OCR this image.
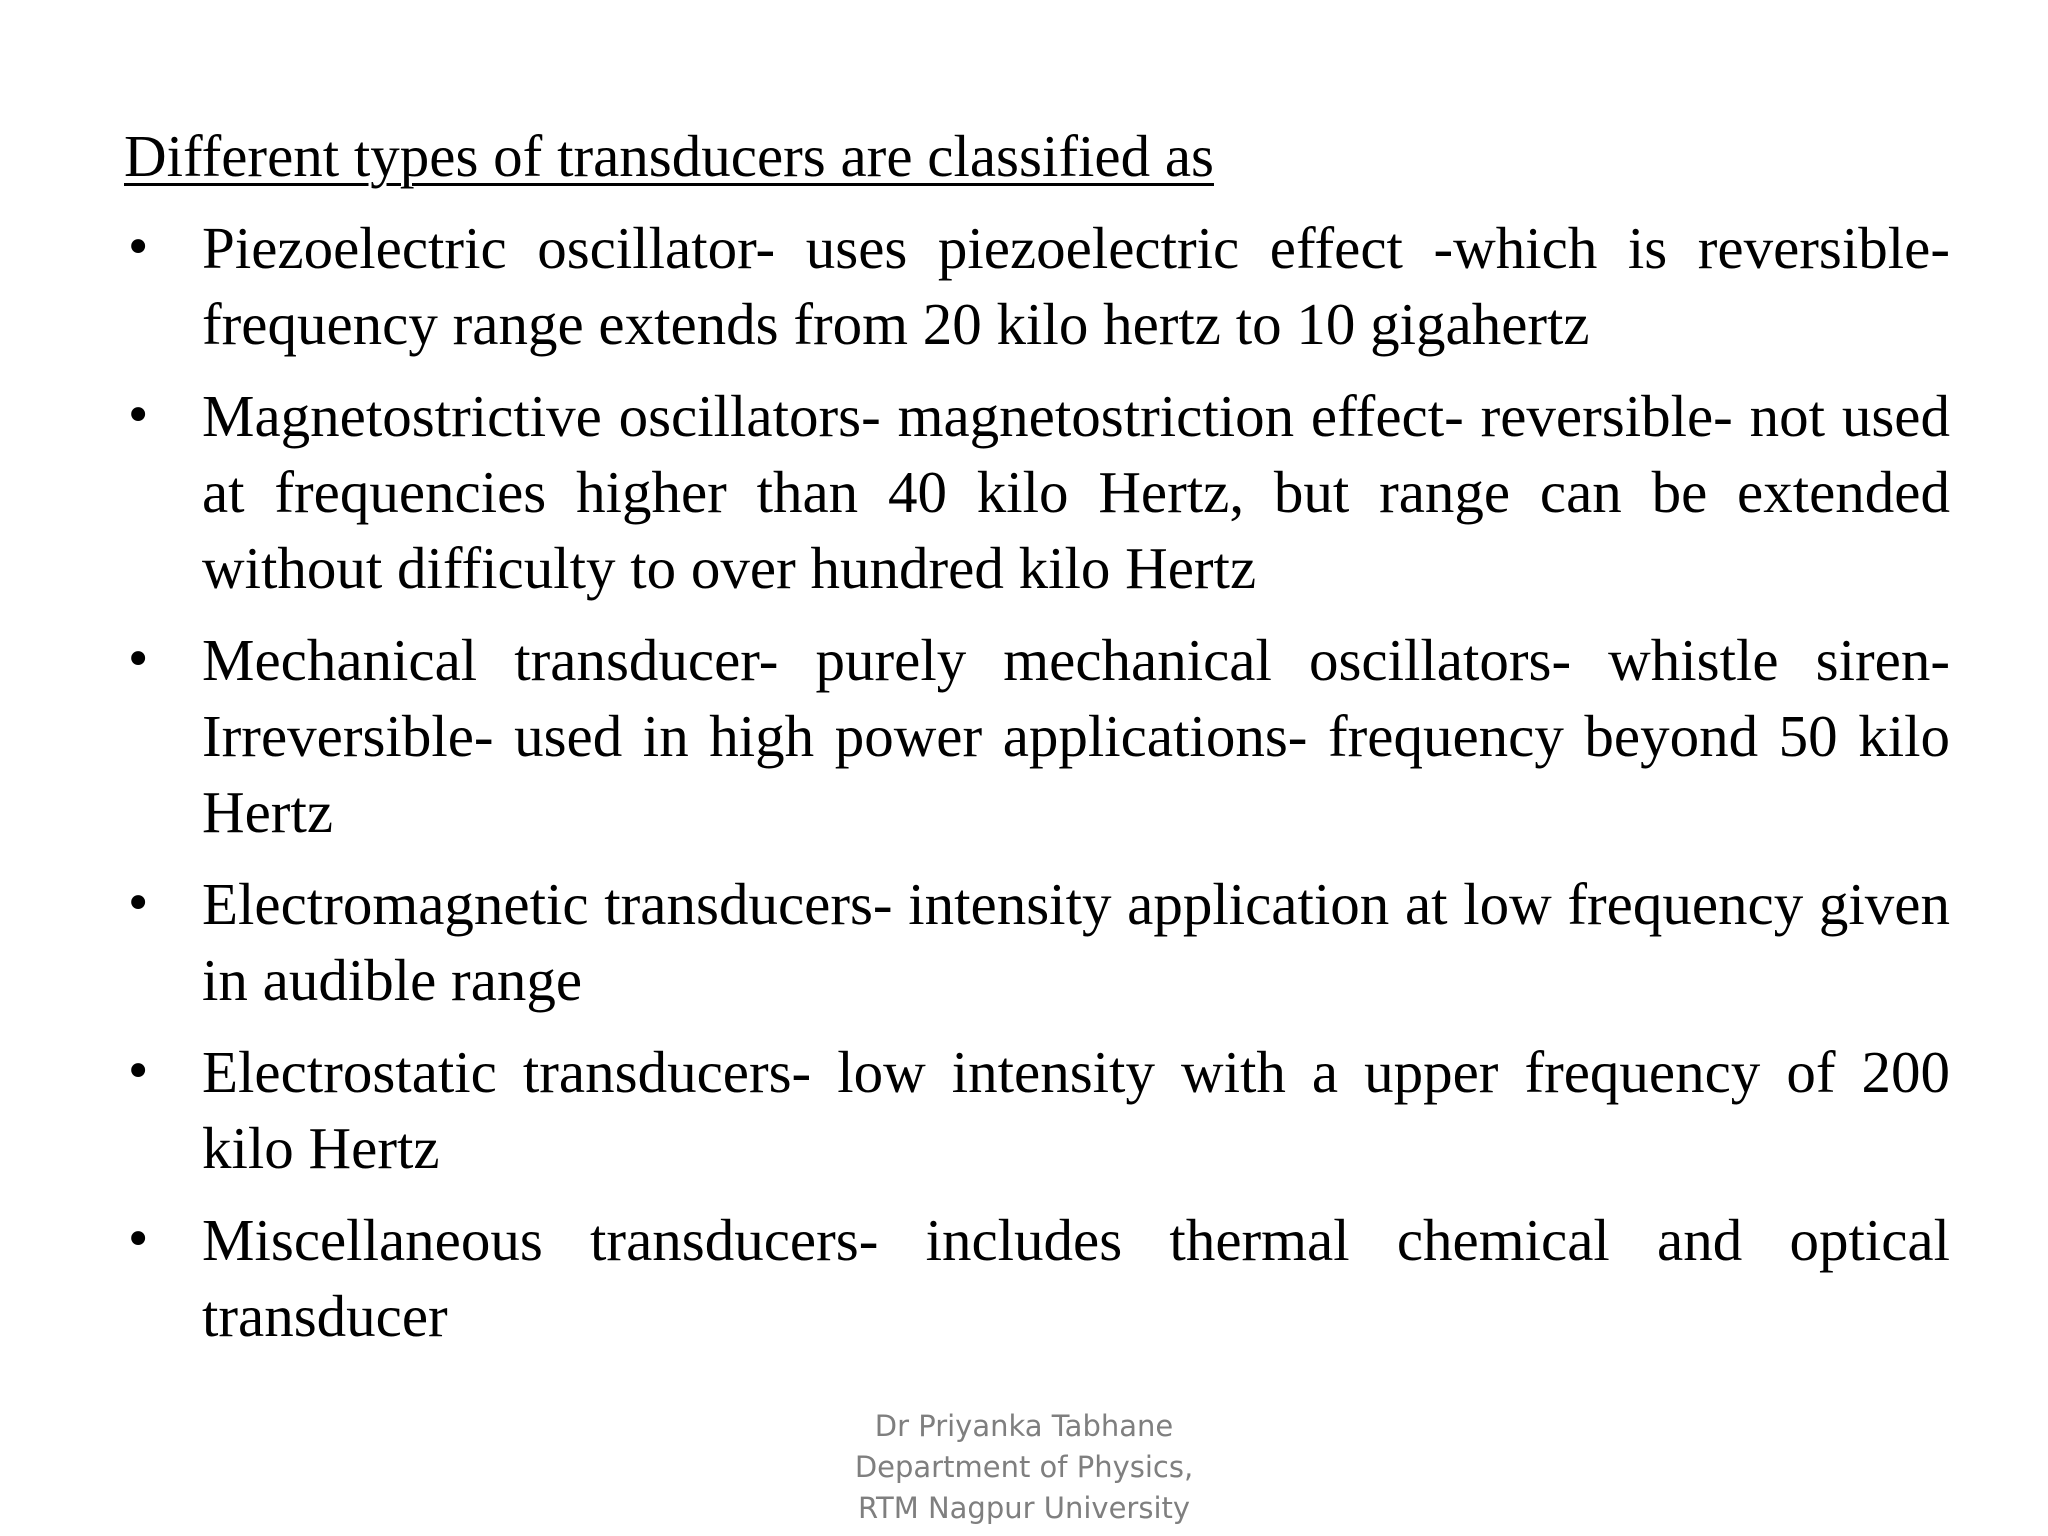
Different types of transducers are classified as
• Piezoelectric oscillator- uses piezoelectric effect -which is reversible- frequency range extends from 20 kilo hertz to 10 gigahertz
• Magnetostrictive oscillators- magnetostriction effect- reversible- not used at frequencies higher than 40 kilo Hertz, but range can be extended without difficulty to over hundred kilo Hertz
• Mechanical transducer- purely mechanical oscillators- whistle siren- Irreversible- used in high power applications- frequency beyond 50 kilo Hertz
• Electromagnetic transducers- intensity application at low frequency given in audible range
• Electrostatic transducers- low intensity with a upper frequency of 200 kilo Hertz
• Miscellaneous transducers- includes thermal chemical and optical transducer
Dr Priyanka Tabhane
Department of Physics,
RTM Nagpur University
